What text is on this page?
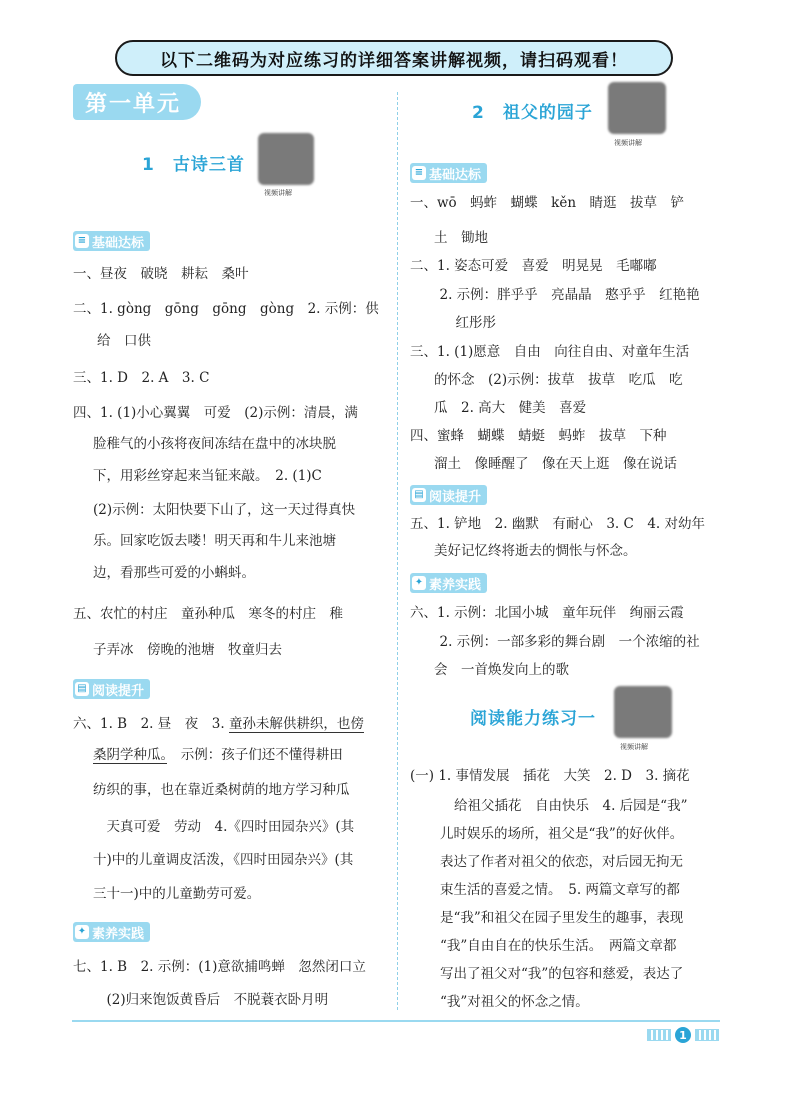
以下二维码为对应练习的详细答案讲解视频，请扫码观看！
第一单元
1　古诗三首
视频讲解
≡ 基础达标
一、昼夜　破晓　耕耘　桑叶
二、1. gòng　gōng　gōng　gòng　2. 示例：供
给　口供
三、1. D　2. A　3. C
四、1. (1)小心翼翼　可爱　(2)示例：清晨，满
脸稚气的小孩将夜间冻结在盘中的冰块脱
下，用彩丝穿起来当钲来敲。　2. (1)C
(2)示例：太阳快要下山了，这一天过得真快
乐。回家吃饭去喽！明天再和牛儿来池塘
边，看那些可爱的小蝌蚪。
五、农忙的村庄　童孙种瓜　寒冬的村庄　稚
子弄冰　傍晚的池塘　牧童归去
▤ 阅读提升
六、1. B　2. 昼　夜　3. 童孙未解供耕织，也傍
桑阴学种瓜。　示例：孩子们还不懂得耕田
纺织的事，也在靠近桑树荫的地方学习种瓜
　天真可爱　劳动　4.《四时田园杂兴》(其
十)中的儿童调皮活泼，《四时田园杂兴》(其
三十一)中的儿童勤劳可爱。
✦ 素养实践
七、1. B　2. 示例：(1)意欲捕鸣蝉　忽然闭口立
　(2)归来饱饭黄昏后　不脱蓑衣卧月明
2　祖父的园子
视频讲解
≡ 基础达标
一、wō　蚂蚱　蝴蝶　kěn　睛逛　拔草　铲
土　锄地
二、1. 姿态可爱　喜爱　明晃晃　毛嘟嘟
　2. 示例：胖乎乎　亮晶晶　憨乎乎　红艳艳
　红彤彤
三、1. (1)愿意　自由　向往自由、对童年生活
的怀念　(2)示例：拔草　拔草　吃瓜　吃
瓜　2. 高大　健美　喜爱
四、蜜蜂　蝴蝶　蜻蜓　蚂蚱　拔草　下种
溜土　像睡醒了　像在天上逛　像在说话
▤ 阅读提升
五、1. 铲地　2. 幽默　有耐心　3. C　4. 对幼年
美好记忆终将逝去的惆怅与怀念。
✦ 素养实践
六、1. 示例：北国小城　童年玩伴　绚丽云霞
　2. 示例：一部多彩的舞台剧　一个浓缩的社
会　一首焕发向上的歌
阅读能力练习一
视频讲解
(一) 1. 事情发展　插花　大笑　2. D　3. 摘花
给祖父插花　自由快乐　4. 后园是“我”
儿时娱乐的场所，祖父是“我”的好伙伴。
表达了作者对祖父的依恋，对后园无拘无
束生活的喜爱之情。　5. 两篇文章写的都
是“我”和祖父在园子里发生的趣事，表现
“我”自由自在的快乐生活。　两篇文章都
写出了祖父对“我”的包容和慈爱，表达了
“我”对祖父的怀念之情。
1
